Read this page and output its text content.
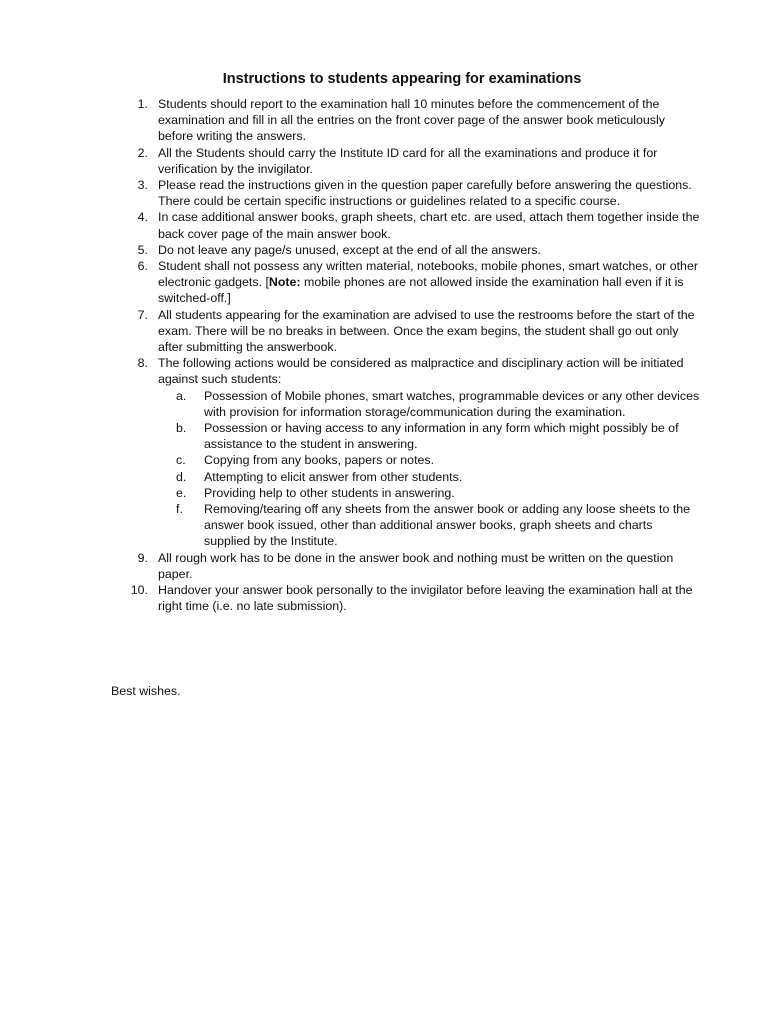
Instructions to students appearing for examinations
1. Students should report to the examination hall 10 minutes before the commencement of the examination and fill in all the entries on the front cover page of the answer book meticulously before writing the answers.
2. All the Students should carry the Institute ID card for all the examinations and produce it for verification by the invigilator.
3. Please read the instructions given in the question paper carefully before answering the questions. There could be certain specific instructions or guidelines related to a specific course.
4. In case additional answer books, graph sheets, chart etc. are used, attach them together inside the back cover page of the main answer book.
5. Do not leave any page/s unused, except at the end of all the answers.
6. Student shall not possess any written material, notebooks, mobile phones, smart watches, or other electronic gadgets. [Note: mobile phones are not allowed inside the examination hall even if it is switched-off.]
7. All students appearing for the examination are advised to use the restrooms before the start of the exam. There will be no breaks in between. Once the exam begins, the student shall go out only after submitting the answerbook.
8. The following actions would be considered as malpractice and disciplinary action will be initiated against such students:
a. Possession of Mobile phones, smart watches, programmable devices or any other devices with provision for information storage/communication during the examination.
b. Possession or having access to any information in any form which might possibly be of assistance to the student in answering.
c. Copying from any books, papers or notes.
d. Attempting to elicit answer from other students.
e. Providing help to other students in answering.
f. Removing/tearing off any sheets from the answer book or adding any loose sheets to the answer book issued, other than additional answer books, graph sheets and charts supplied by the Institute.
9. All rough work has to be done in the answer book and nothing must be written on the question paper.
10. Handover your answer book personally to the invigilator before leaving the examination hall at the right time (i.e. no late submission).
Best wishes.
